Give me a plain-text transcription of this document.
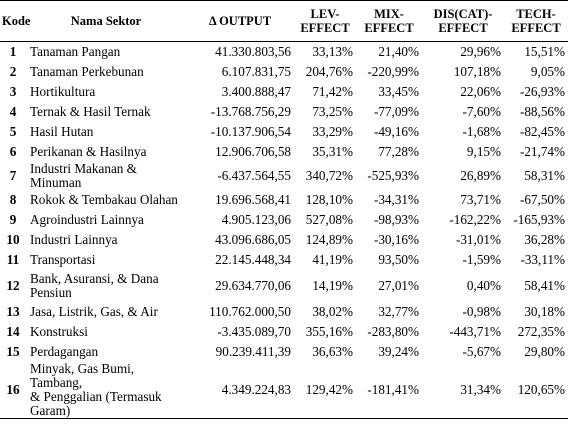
Kode	Nama Sektor	Δ OUTPUT	LEV-EFFECT	MIX-EFFECT	DIS(CAT)-EFFECT	TECH-EFFECT
1	Tanaman Pangan	41.330.803,56	33,13%	21,40%	29,96%	15,51%
2	Tanaman Perkebunan	6.107.831,75	204,76%	-220,99%	107,18%	9,05%
3	Hortikultura	3.400.888,47	71,42%	33,45%	22,06%	-26,93%
4	Ternak & Hasil Ternak	-13.768.756,29	73,25%	-77,09%	-7,60%	-88,56%
5	Hasil Hutan	-10.137.906,54	33,29%	-49,16%	-1,68%	-82,45%
6	Perikanan & Hasilnya	12.906.706,58	35,31%	77,28%	9,15%	-21,74%
7	Industri Makanan & Minuman	-6.437.564,55	340,72%	-525,93%	26,89%	58,31%
8	Rokok & Tembakau Olahan	19.696.568,41	128,10%	-34,31%	73,71%	-67,50%
9	Agroindustri Lainnya	4.905.123,06	527,08%	-98,93%	-162,22%	-165,93%
10	Industri Lainnya	43.096.686,05	124,89%	-30,16%	-31,01%	36,28%
11	Transportasi	22.145.448,34	41,19%	93,50%	-1,59%	-33,11%
12	Bank, Asuransi, & Dana
Pensiun	29.634.770,06	14,19%	27,01%	0,40%	58,41%
13	Jasa, Listrik, Gas, & Air	110.762.000,50	38,02%	32,77%	-0,98%	30,18%
14	Konstruksi	-3.435.089,70	355,16%	-283,80%	-443,71%	272,35%
15	Perdagangan	90.239.411,39	36,63%	39,24%	-5,67%	29,80%
16	Minyak, Gas Bumi, Tambang,
& Penggalian (Termasuk
Garam)	4.349.224,83	129,42%	-181,41%	31,34%	120,65%
